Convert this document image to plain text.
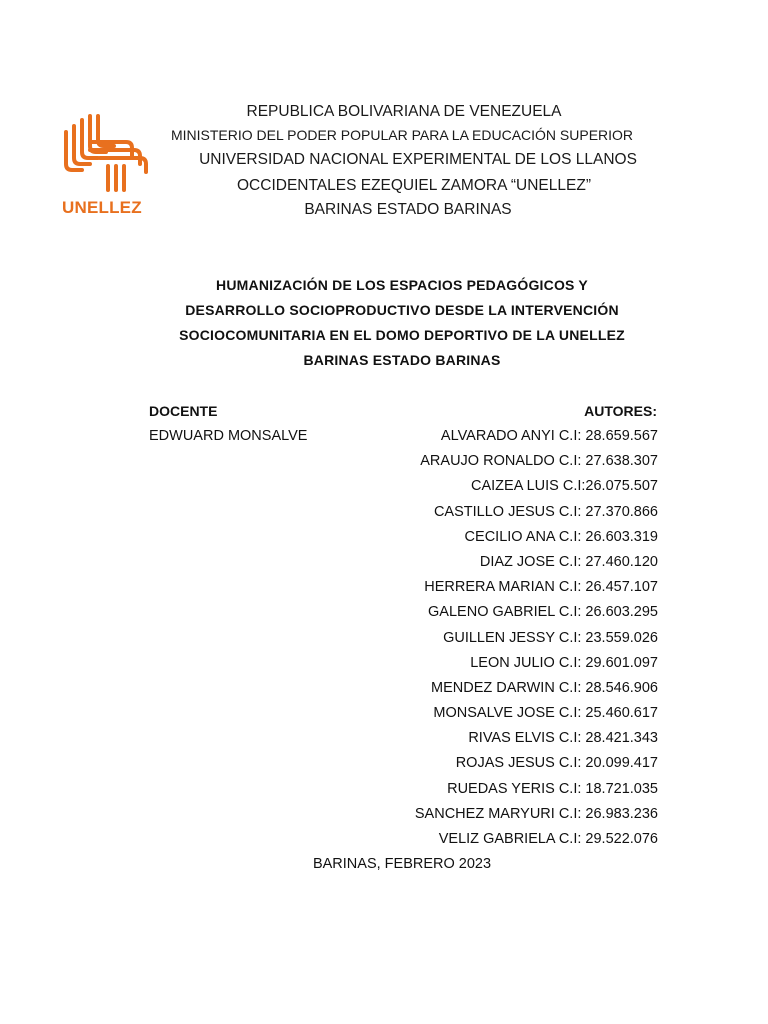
UNELLEZ
REPUBLICA BOLIVARIANA DE VENEZUELA
MINISTERIO DEL PODER POPULAR PARA LA EDUCACIÓN SUPERIOR
UNIVERSIDAD NACIONAL EXPERIMENTAL DE LOS LLANOS
OCCIDENTALES EZEQUIEL ZAMORA “UNELLEZ”
BARINAS ESTADO BARINAS
HUMANIZACIÓN DE LOS ESPACIOS PEDAGÓGICOS Y
DESARROLLO SOCIOPRODUCTIVO DESDE LA INTERVENCIÓN
SOCIOCOMUNITARIA EN EL DOMO DEPORTIVO DE LA UNELLEZ
BARINAS ESTADO BARINAS
DOCENTE
EDWUARD MONSALVE
AUTORES:
ALVARADO ANYI C.I: 28.659.567
ARAUJO RONALDO C.I: 27.638.307
CAIZEA LUIS C.I:26.075.507
CASTILLO JESUS C.I: 27.370.866
CECILIO ANA C.I: 26.603.319
DIAZ JOSE C.I: 27.460.120
HERRERA MARIAN C.I: 26.457.107
GALENO GABRIEL C.I: 26.603.295
GUILLEN JESSY C.I: 23.559.026
LEON JULIO C.I: 29.601.097
MENDEZ DARWIN C.I: 28.546.906
MONSALVE JOSE C.I: 25.460.617
RIVAS ELVIS C.I: 28.421.343
ROJAS JESUS C.I: 20.099.417
RUEDAS YERIS C.I: 18.721.035
SANCHEZ MARYURI C.I: 26.983.236
VELIZ GABRIELA C.I: 29.522.076
BARINAS, FEBRERO 2023
